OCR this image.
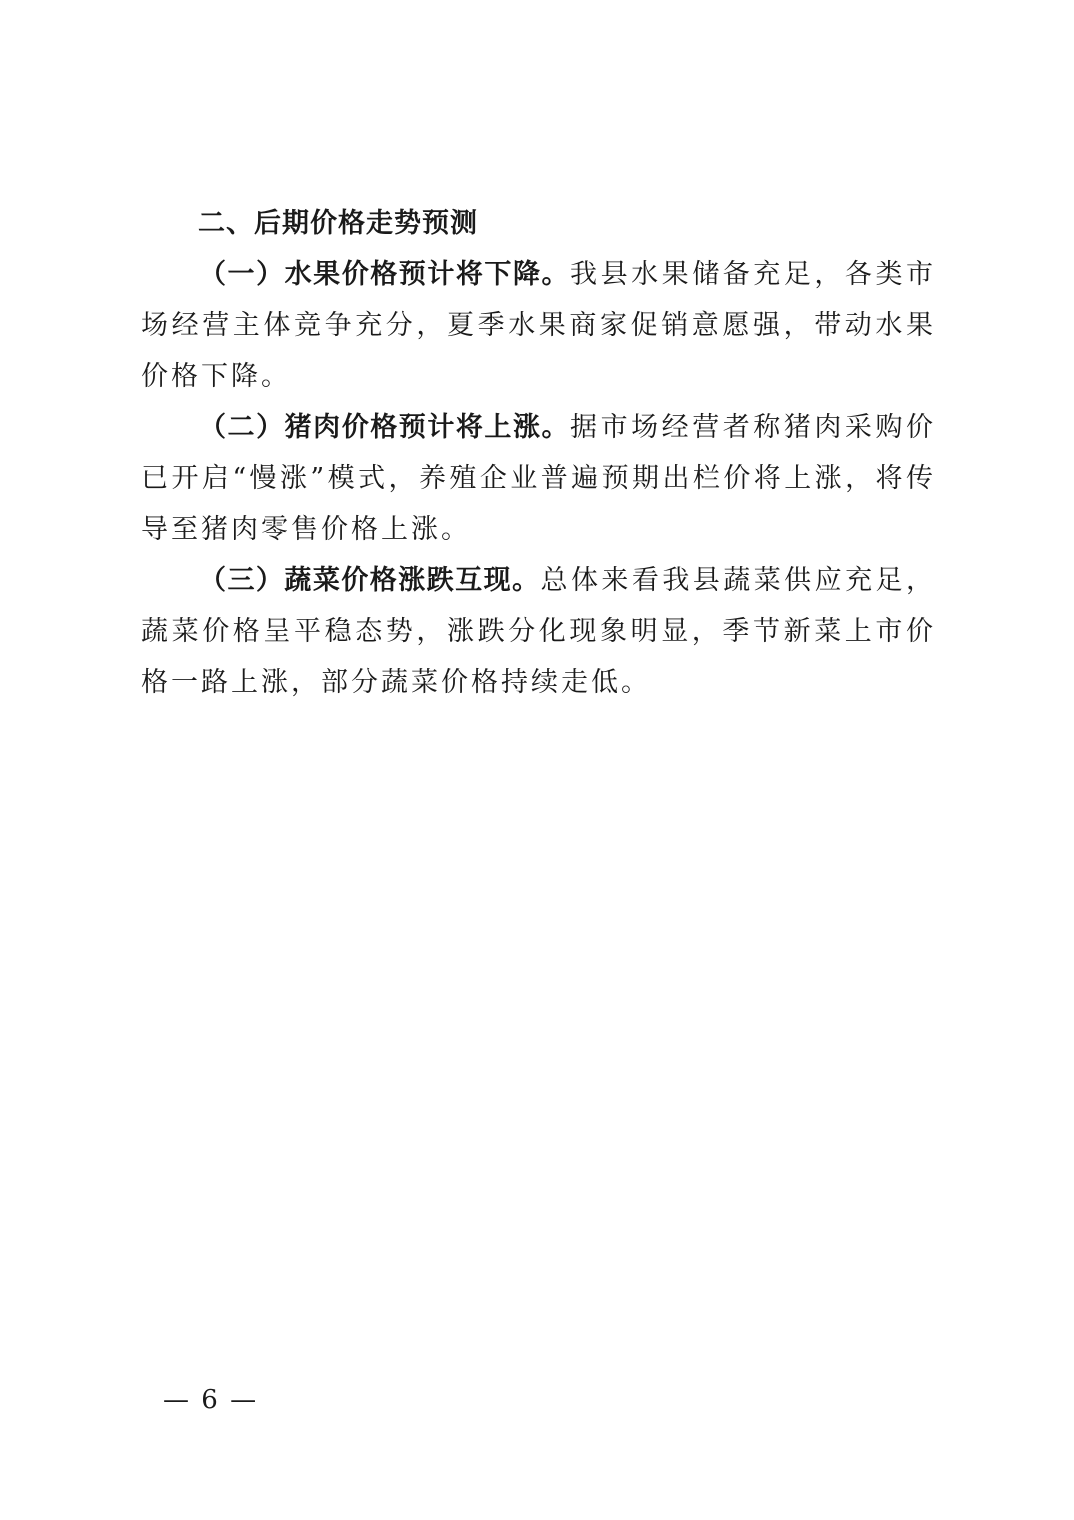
二、后期价格走势预测

（一）水果价格预计将下降。我县水果储备充足，各类市场经营主体竞争充分，夏季水果商家促销意愿强，带动水果价格下降。

（二）猪肉价格预计将上涨。据市场经营者称猪肉采购价已开启“慢涨”模式，养殖企业普遍预期出栏价将上涨，将传导至猪肉零售价格上涨。

（三）蔬菜价格涨跌互现。总体来看我县蔬菜供应充足，蔬菜价格呈平稳态势，涨跌分化现象明显，季节新菜上市价格一路上涨，部分蔬菜价格持续走低。

— 6 —
